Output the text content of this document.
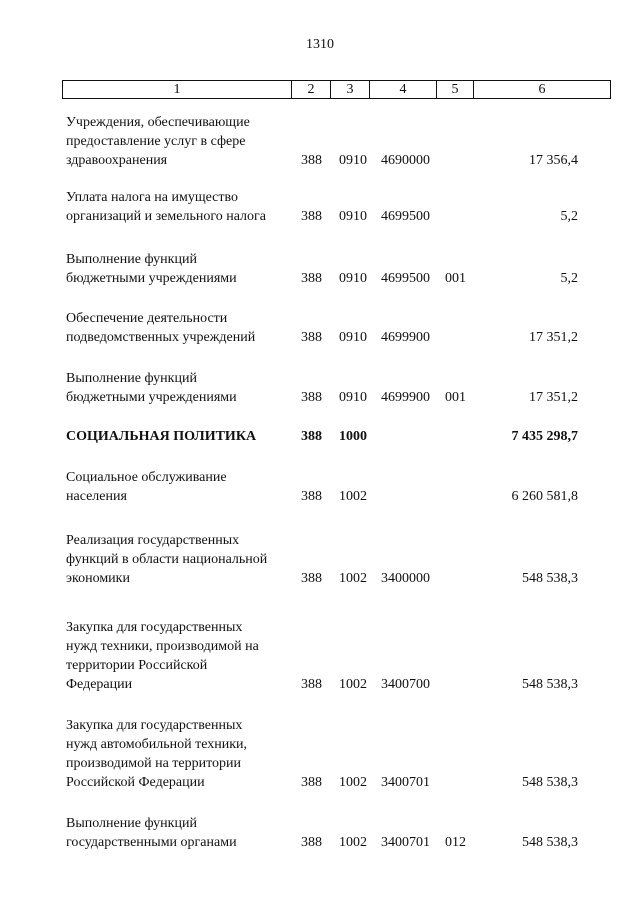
1310
1	2	3	4	5	6
Учреждения, обеспечивающие
предоставление услуг в сфере
здравоохранения	388 0910 4690000	17 356,4
Уплата налога на имущество
организаций и земельного налога	388 0910 4699500	5,2
Выполнение функций
бюджетными учреждениями	388 0910 4699500 001	5,2
Обеспечение деятельности
подведомственных учреждений	388 0910 4699900	17 351,2
Выполнение функций
бюджетными учреждениями	388 0910 4699900 001	17 351,2
СОЦИАЛЬНАЯ ПОЛИТИКА	388 1000	7 435 298,7
Социальное обслуживание
населения	388 1002	6 260 581,8
Реализация государственных
функций в области национальной
экономики	388 1002 3400000	548 538,3
Закупка для государственных
нужд техники, производимой на
территории Российской
Федерации	388 1002 3400700	548 538,3
Закупка для государственных
нужд автомобильной техники,
производимой на территории
Российской Федерации	388 1002 3400701	548 538,3
Выполнение функций
государственными органами	388 1002 3400701 012	548 538,3
